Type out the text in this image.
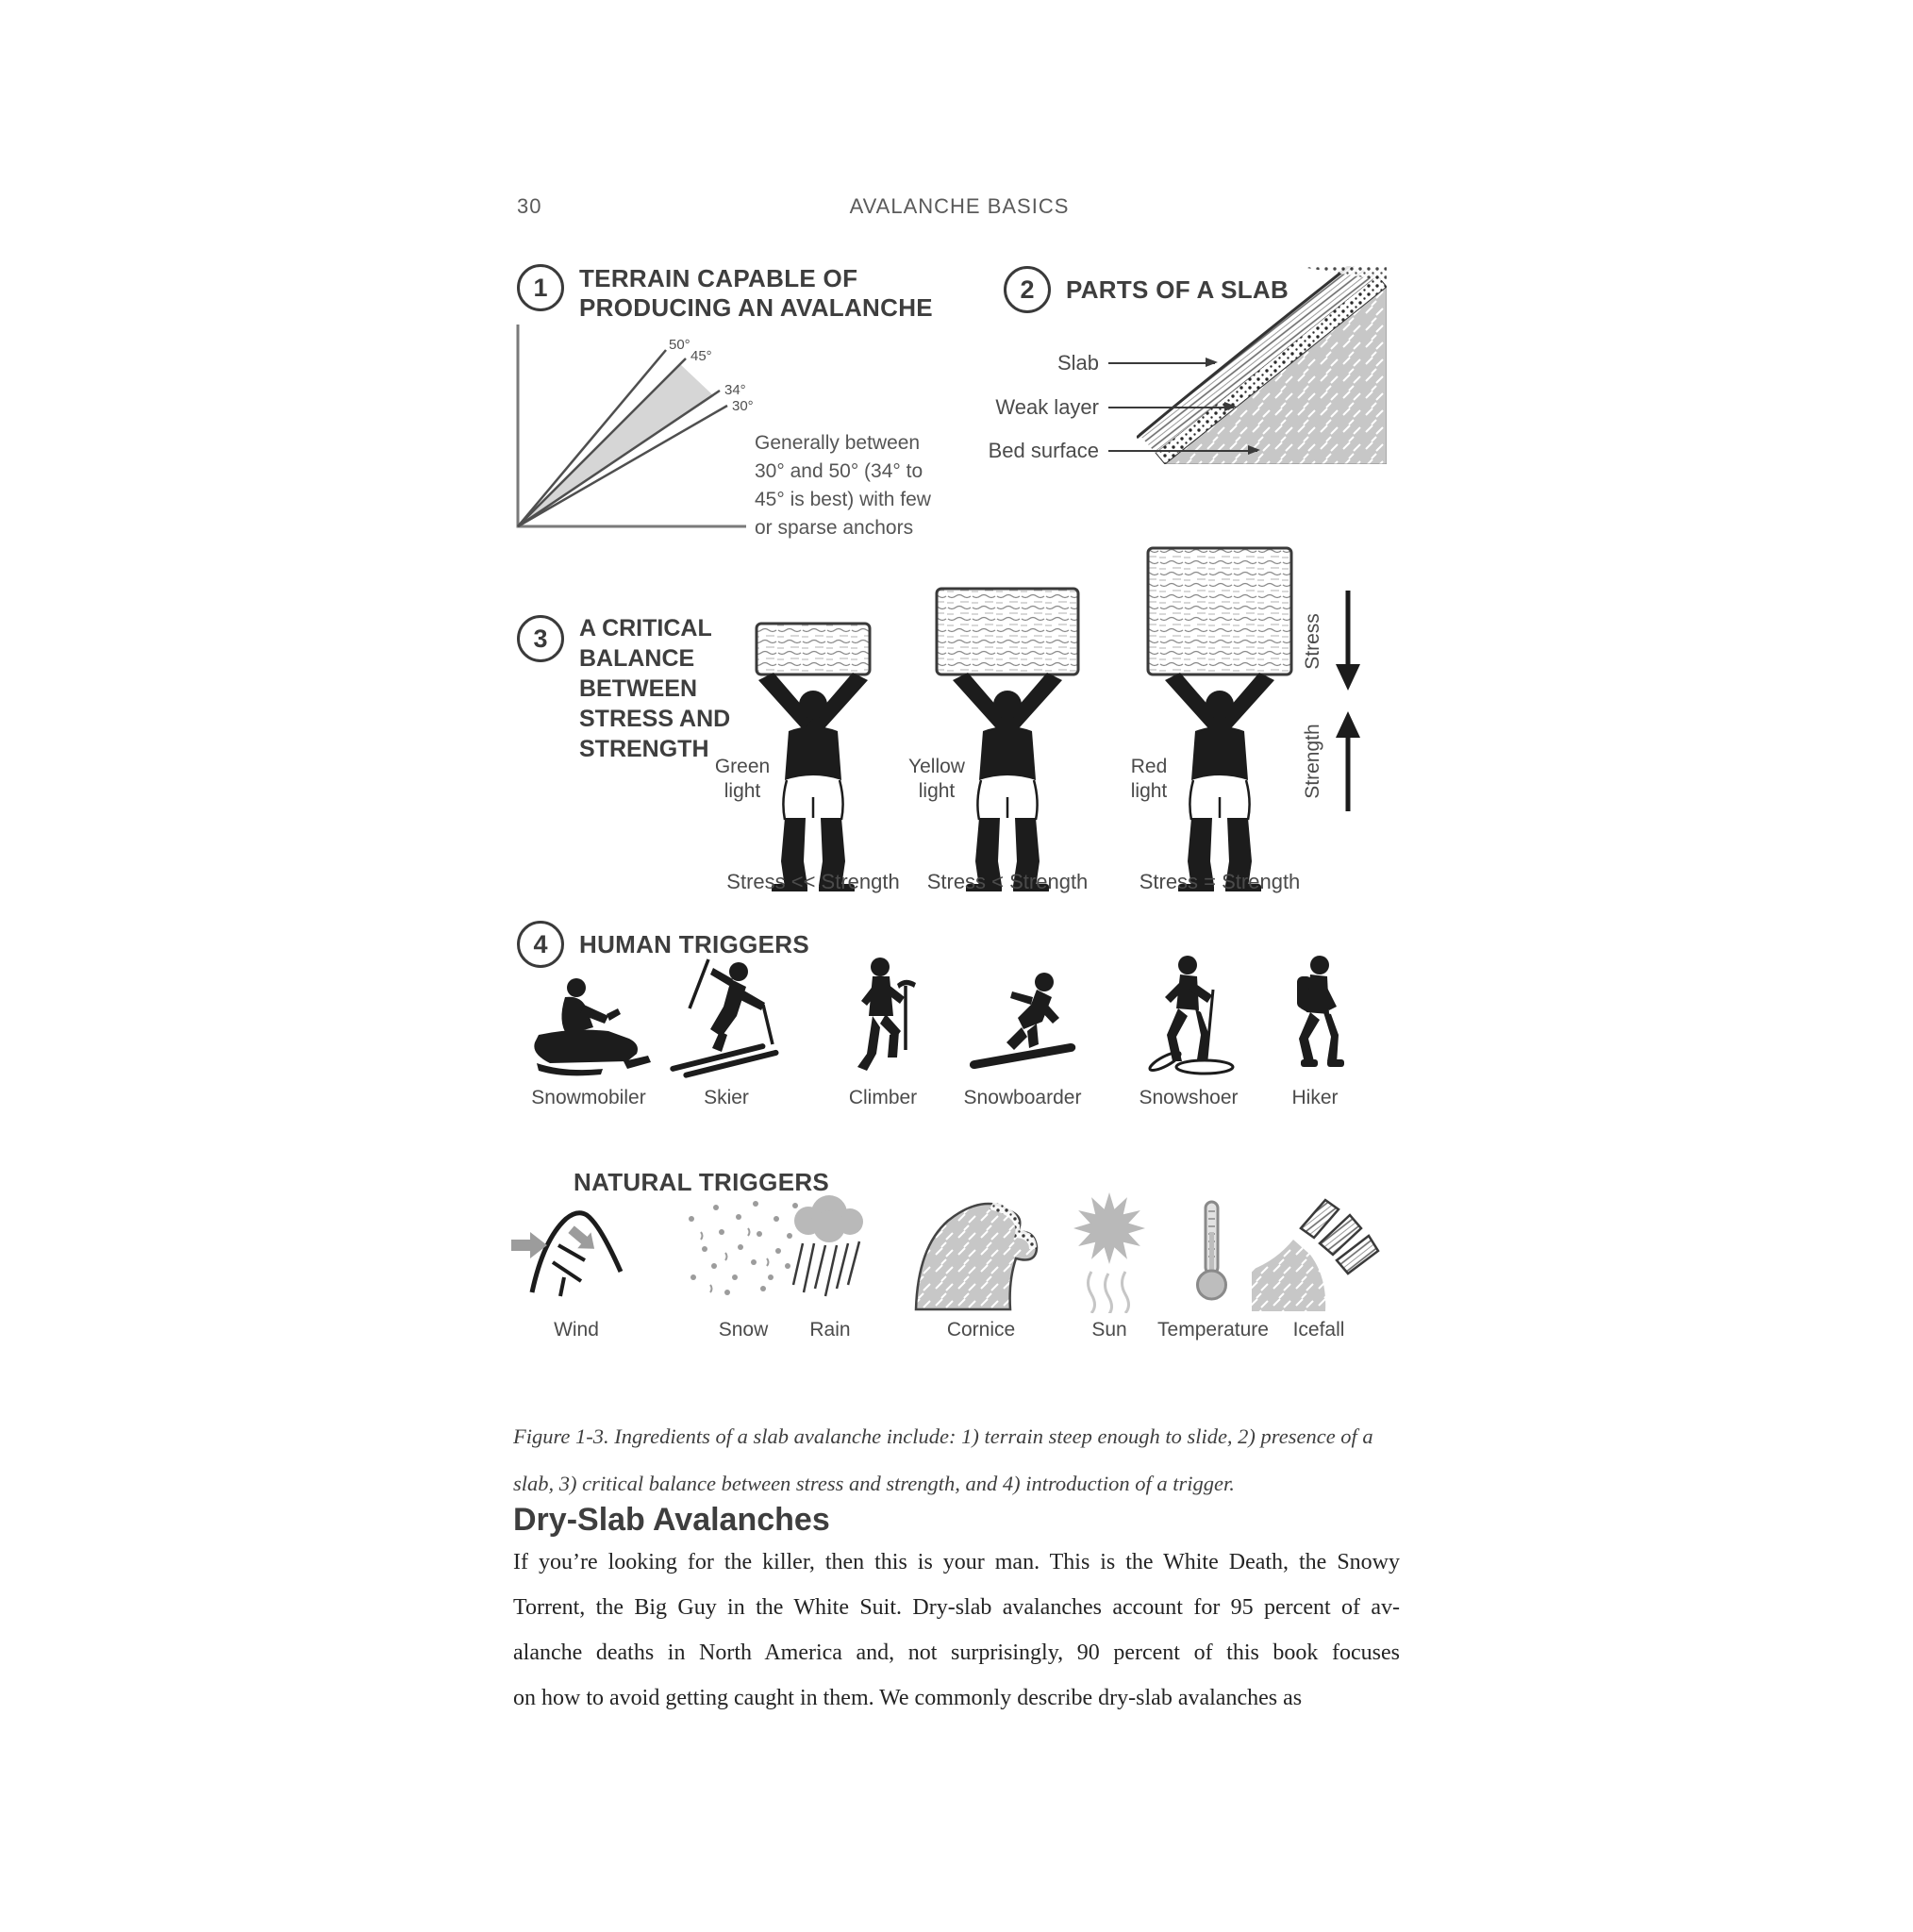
30	AVALANCHE BASICS
1	TERRAIN CAPABLE OF
PRODUCING AN AVALANCHE
50°
45°
34°
30°
Generally between
30° and 50° (34° to
45° is best) with few
or sparse anchors
2	PARTS OF A SLAB
Slab
Weak layer
Bed surface
3	A CRITICAL
BALANCE
BETWEEN
STRESS AND
STRENGTH
Green
light
Yellow
light
Red
light
Stress << Strength	Stress < Strength	Stress = Strength
Stress
Strength
4	HUMAN TRIGGERS
Snowmobiler	Skier	Climber	Snowboarder	Snowshoer	Hiker
NATURAL TRIGGERS
Wind	Snow	Rain	Cornice	Sun	Temperature	Icefall
Figure 1-3. Ingredients of a slab avalanche include: 1) terrain steep enough to slide, 2) presence of a
slab, 3) critical balance between stress and strength, and 4) introduction of a trigger.
Dry-Slab Avalanches
If you’re looking for the killer, then this is your man. This is the White Death, the Snowy
Torrent, the Big Guy in the White Suit. Dry-slab avalanches account for 95 percent of av-
alanche deaths in North America and, not surprisingly, 90 percent of this book focuses
on how to avoid getting caught in them. We commonly describe dry-slab avalanches as
